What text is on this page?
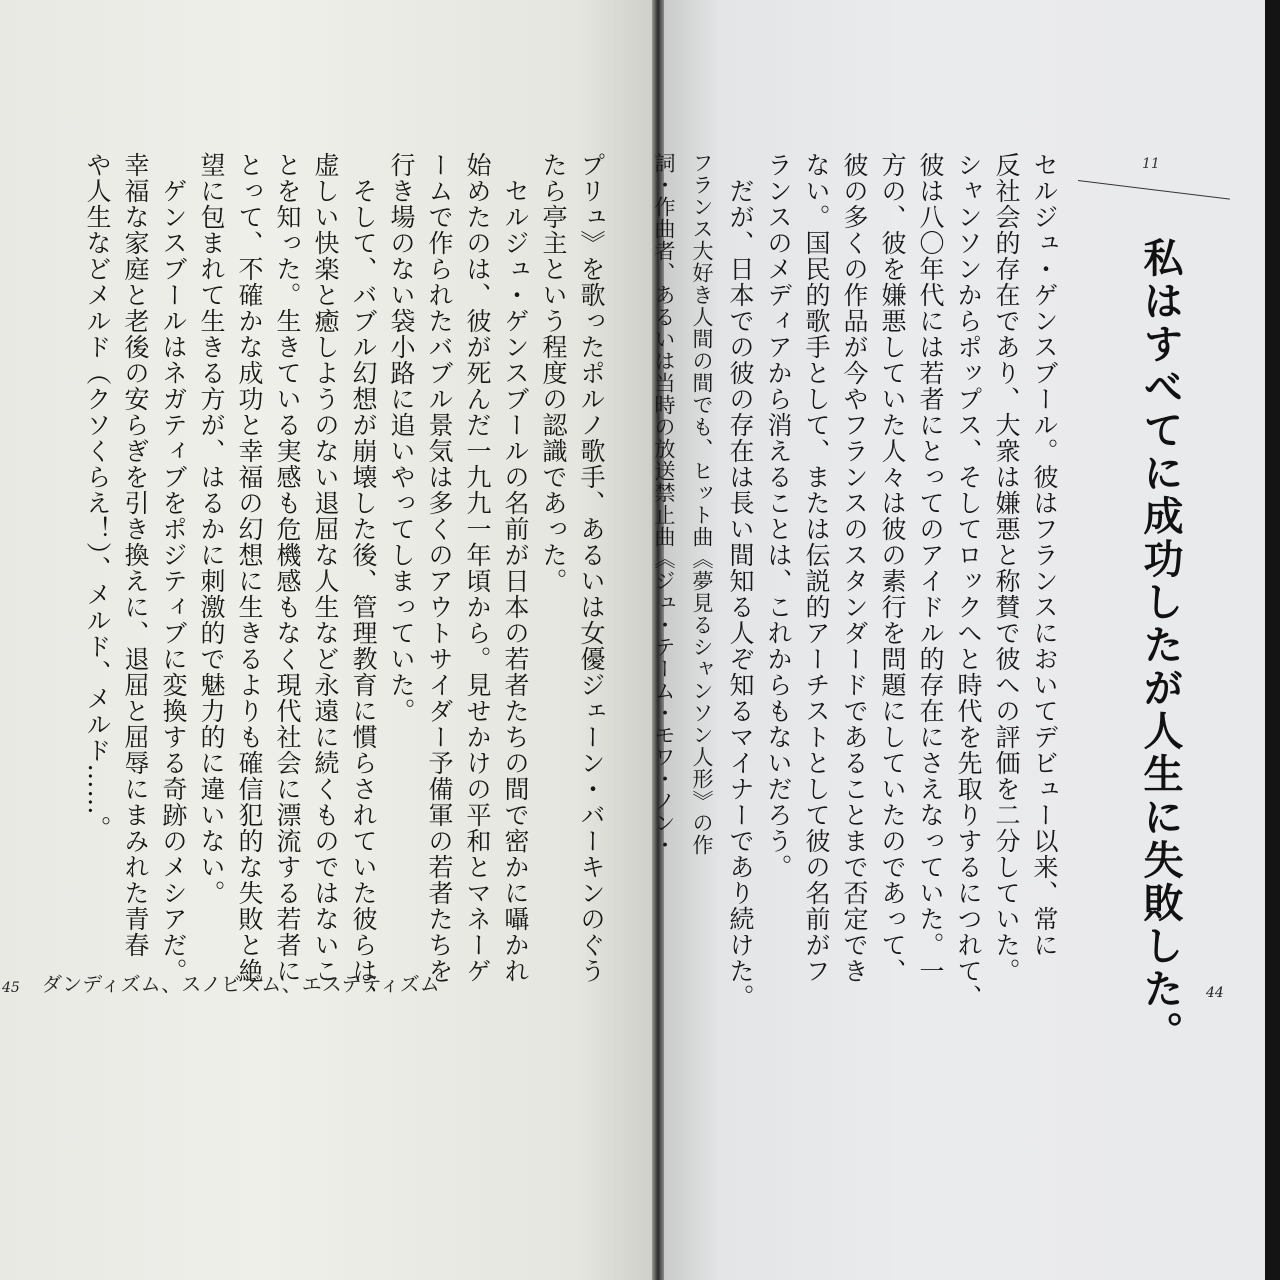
セルジュ・ゲンスブール。彼はフランスにおいてデビュー以来、常に
反社会的存在であり、大衆は嫌悪と称賛で彼への評価を二分していた。
シャンソンからポップス、そしてロックへと時代を先取りするにつれて、
彼は八〇年代には若者にとってのアイドル的存在にさえなっていた。一
方の、彼を嫌悪していた人々は彼の素行を問題にしていたのであって、
彼の多くの作品が今やフランスのスタンダードであることまで否定でき
ない。国民的歌手として、または伝説的アーチストとして彼の名前がフ
ランスのメディアから消えることは、これからもないだろう。
　だが、日本での彼の存在は長い間知る人ぞ知るマイナーであり続けた。
フランス大好き人間の間でも、ヒット曲《夢見るシャンソン人形》の作
詞・作曲者、あるいは当時の放送禁止曲《ジュ・テーム・モワ・ノン・	11
私はすべてに成功したが人生に失敗した。
プリュ》を歌ったポルノ歌手、あるいは女優ジェーン・バーキンのぐう
たら亭主という程度の認識であった。
　セルジュ・ゲンスブールの名前が日本の若者たちの間で密かに囁かれ
始めたのは、彼が死んだ一九九一年頃から。見せかけの平和とマネーゲ
ームで作られたバブル景気は多くのアウトサイダー予備軍の若者たちを
行き場のない袋小路に追いやってしまっていた。
　そして、バブル幻想が崩壊した後、管理教育に慣らされていた彼らは、
虚しい快楽と癒しようのない退屈な人生など永遠に続くものではないこ
とを知った。生きている実感も危機感もなく現代社会に漂流する若者に
とって、不確かな成功と幸福の幻想に生きるよりも確信犯的な失敗と絶
望に包まれて生きる方が、はるかに刺激的で魅力的に違いない。
　ゲンスブールはネガティブをポジティブに変換する奇跡のメシアだ。
幸福な家庭と老後の安らぎを引き換えに、退屈と屈辱にまみれた青春
や人生などメルド（クソくらえ！）、メルド、メルド……。
45 ダンディズム、スノビズム、エステティズム	44
